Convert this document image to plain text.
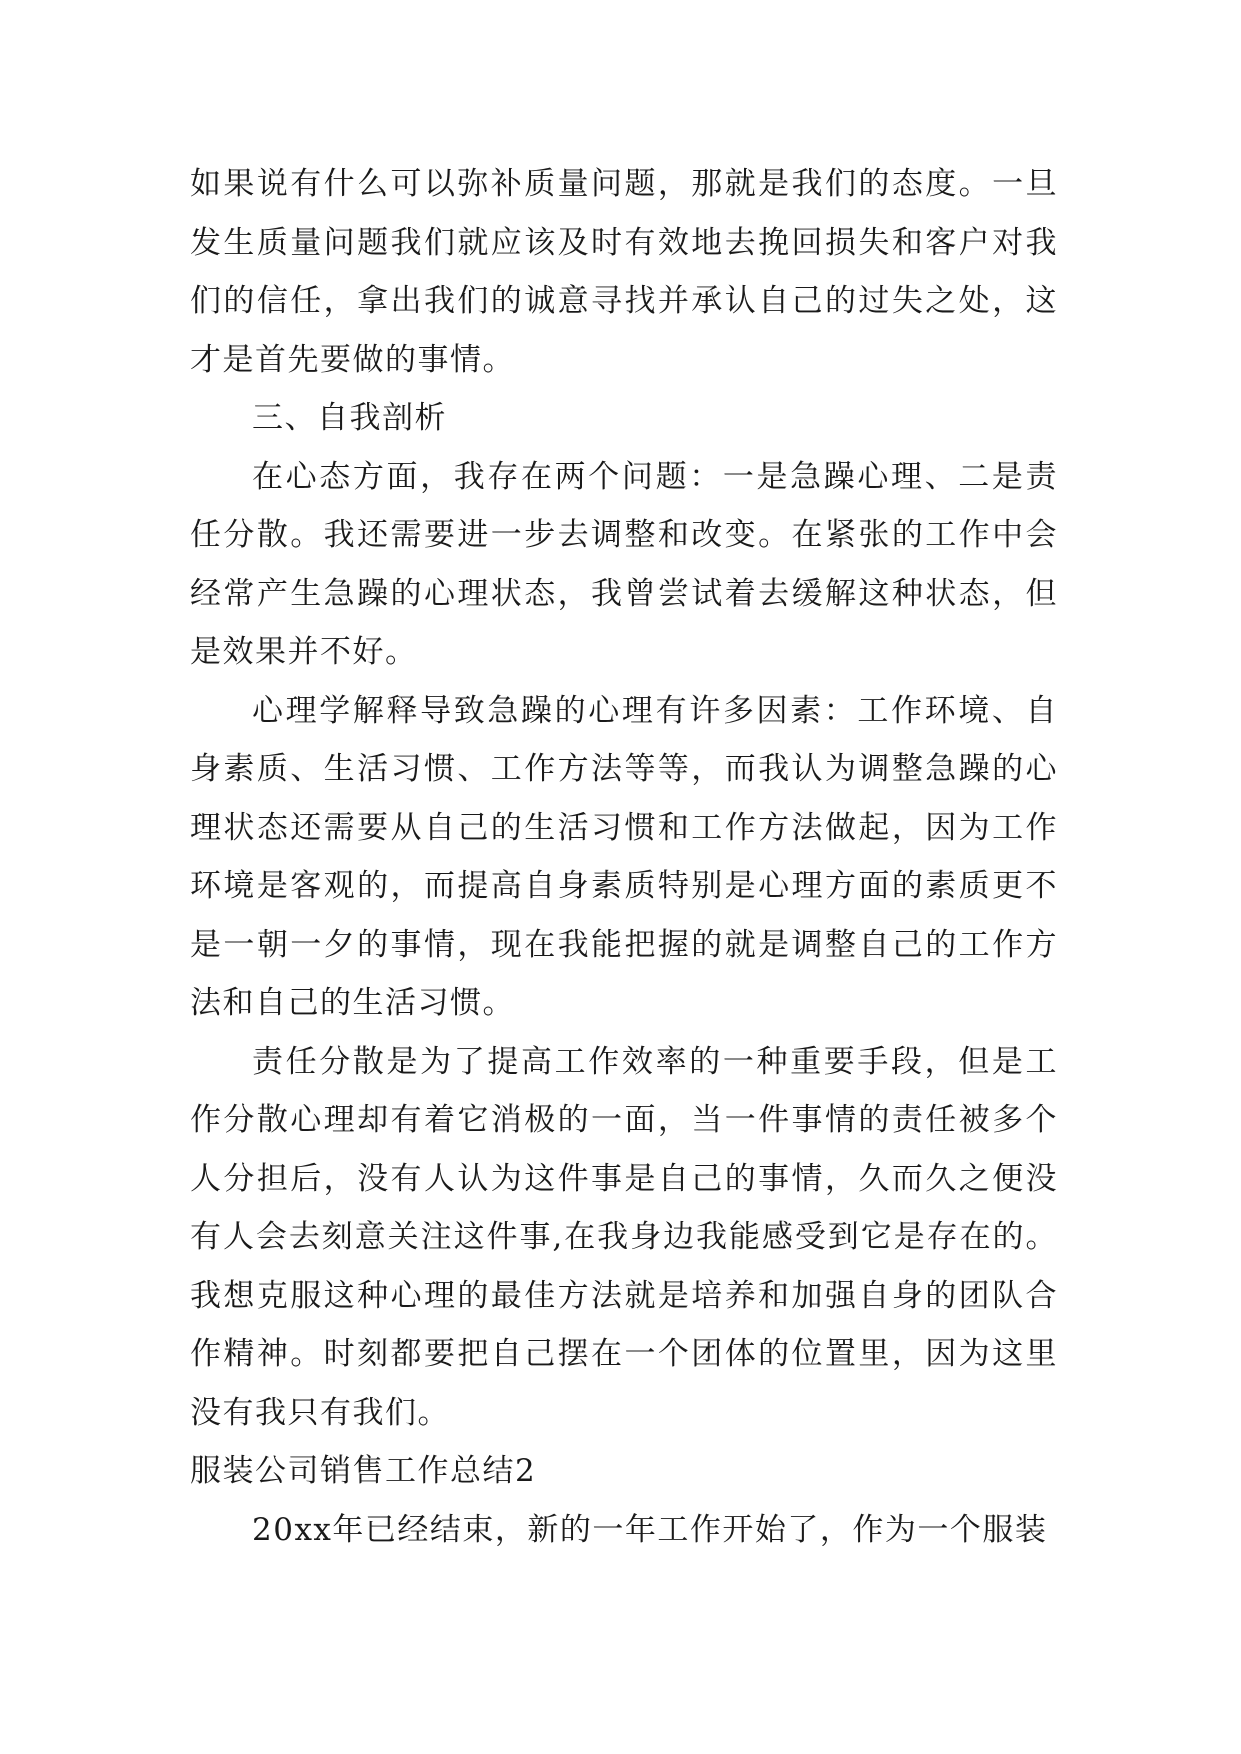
如果说有什么可以弥补质量问题，那就是我们的态度。一旦发生质量问题我们就应该及时有效地去挽回损失和客户对我们的信任，拿出我们的诚意寻找并承认自己的过失之处，这才是首先要做的事情。

三、自我剖析

在心态方面，我存在两个问题：一是急躁心理、二是责任分散。我还需要进一步去调整和改变。在紧张的工作中会经常产生急躁的心理状态，我曾尝试着去缓解这种状态，但是效果并不好。

心理学解释导致急躁的心理有许多因素：工作环境、自身素质、生活习惯、工作方法等等，而我认为调整急躁的心理状态还需要从自己的生活习惯和工作方法做起，因为工作环境是客观的，而提高自身素质特别是心理方面的素质更不是一朝一夕的事情，现在我能把握的就是调整自己的工作方法和自己的生活习惯。

责任分散是为了提高工作效率的一种重要手段，但是工作分散心理却有着它消极的一面，当一件事情的责任被多个人分担后，没有人认为这件事是自己的事情，久而久之便没有人会去刻意关注这件事,在我身边我能感受到它是存在的。我想克服这种心理的最佳方法就是培养和加强自身的团队合作精神。时刻都要把自己摆在一个团体的位置里，因为这里没有我只有我们。

服装公司销售工作总结2

20xx年已经结束，新的一年工作开始了，作为一个服装
